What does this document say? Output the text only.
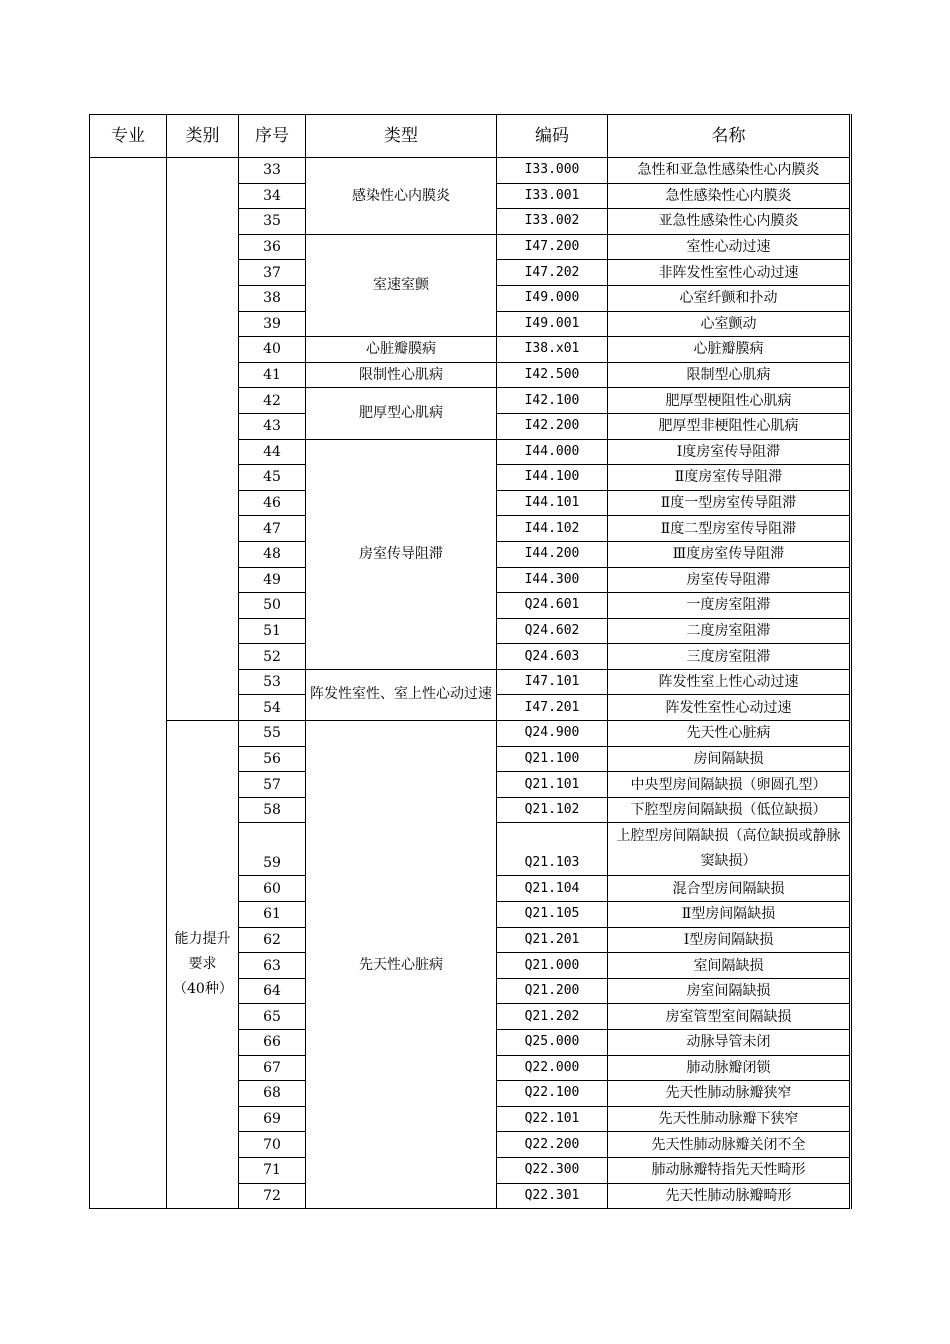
专业	类别	序号	类型	编码	名称
		33	感染性心内膜炎	I33.000	急性和亚急性感染性心内膜炎
		34		I33.001	急性感染性心内膜炎
		35		I33.002	亚急性感染性心内膜炎
		36	室速室颤	I47.200	室性心动过速
		37		I47.202	非阵发性室性心动过速
		38		I49.000	心室纤颤和扑动
		39		I49.001	心室颤动
		40	心脏瓣膜病	I38.x01	心脏瓣膜病
		41	限制性心肌病	I42.500	限制型心肌病
		42	肥厚型心肌病	I42.100	肥厚型梗阻性心肌病
		43		I42.200	肥厚型非梗阻性心肌病
		44	房室传导阻滞	I44.000	Ⅰ度房室传导阻滞
		45		I44.100	Ⅱ度房室传导阻滞
		46		I44.101	Ⅱ度一型房室传导阻滞
		47		I44.102	Ⅱ度二型房室传导阻滞
		48		I44.200	Ⅲ度房室传导阻滞
		49		I44.300	房室传导阻滞
		50		Q24.601	一度房室阻滞
		51		Q24.602	二度房室阻滞
		52		Q24.603	三度房室阻滞
		53	阵发性室性、室上性心动过速	I47.101	阵发性室上性心动过速
		54		I47.201	阵发性室性心动过速
	能力提升要求（40种）	55	先天性心脏病	Q24.900	先天性心脏病
		56		Q21.100	房间隔缺损
		57		Q21.101	中央型房间隔缺损（卵圆孔型）
		58		Q21.102	下腔型房间隔缺损（低位缺损）
		59		Q21.103	上腔型房间隔缺损（高位缺损或静脉窦缺损）
		60		Q21.104	混合型房间隔缺损
		61		Q21.105	Ⅱ型房间隔缺损
		62		Q21.201	Ⅰ型房间隔缺损
		63		Q21.000	室间隔缺损
		64		Q21.200	房室间隔缺损
		65		Q21.202	房室管型室间隔缺损
		66		Q25.000	动脉导管未闭
		67		Q22.000	肺动脉瓣闭锁
		68		Q22.100	先天性肺动脉瓣狭窄
		69		Q22.101	先天性肺动脉瓣下狭窄
		70		Q22.200	先天性肺动脉瓣关闭不全
		71		Q22.300	肺动脉瓣特指先天性畸形
		72		Q22.301	先天性肺动脉瓣畸形
